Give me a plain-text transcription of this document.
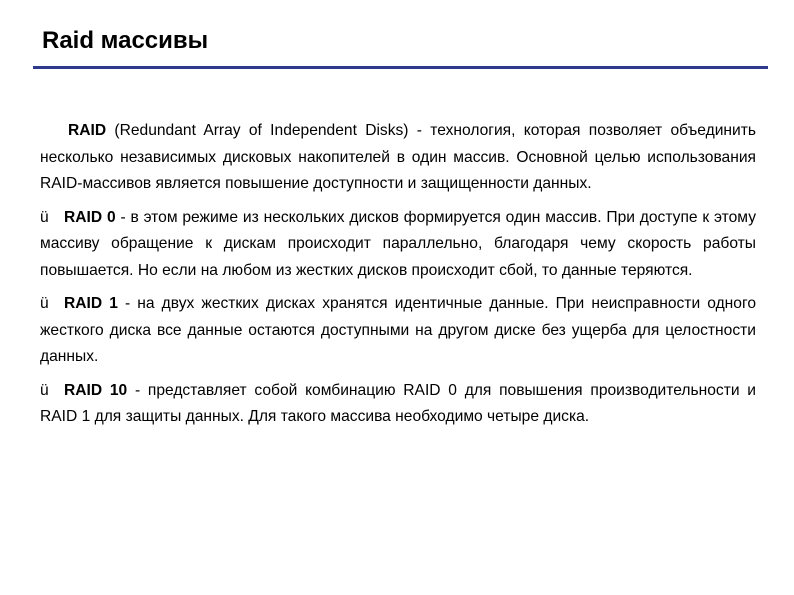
Raid массивы

RAID (Redundant Array of Independent Disks) - технология, которая позволяет объединить несколько независимых дисковых накопителей в один массив. Основной целью использования RAID-массивов является повышение доступности и защищенности данных.

ü RAID 0 - в этом режиме из нескольких дисков формируется один массив. При доступе к этому массиву обращение к дискам происходит параллельно, благодаря чему скорость работы повышается. Но если на любом из жестких дисков происходит сбой, то данные теряются.

ü RAID 1 - на двух жестких дисках хранятся идентичные данные. При неисправности одного жесткого диска все данные остаются доступными на другом диске без ущерба для целостности данных.

ü RAID 10 - представляет собой комбинацию RAID 0 для повышения производительности и RAID 1 для защиты данных. Для такого массива необходимо четыре диска.
